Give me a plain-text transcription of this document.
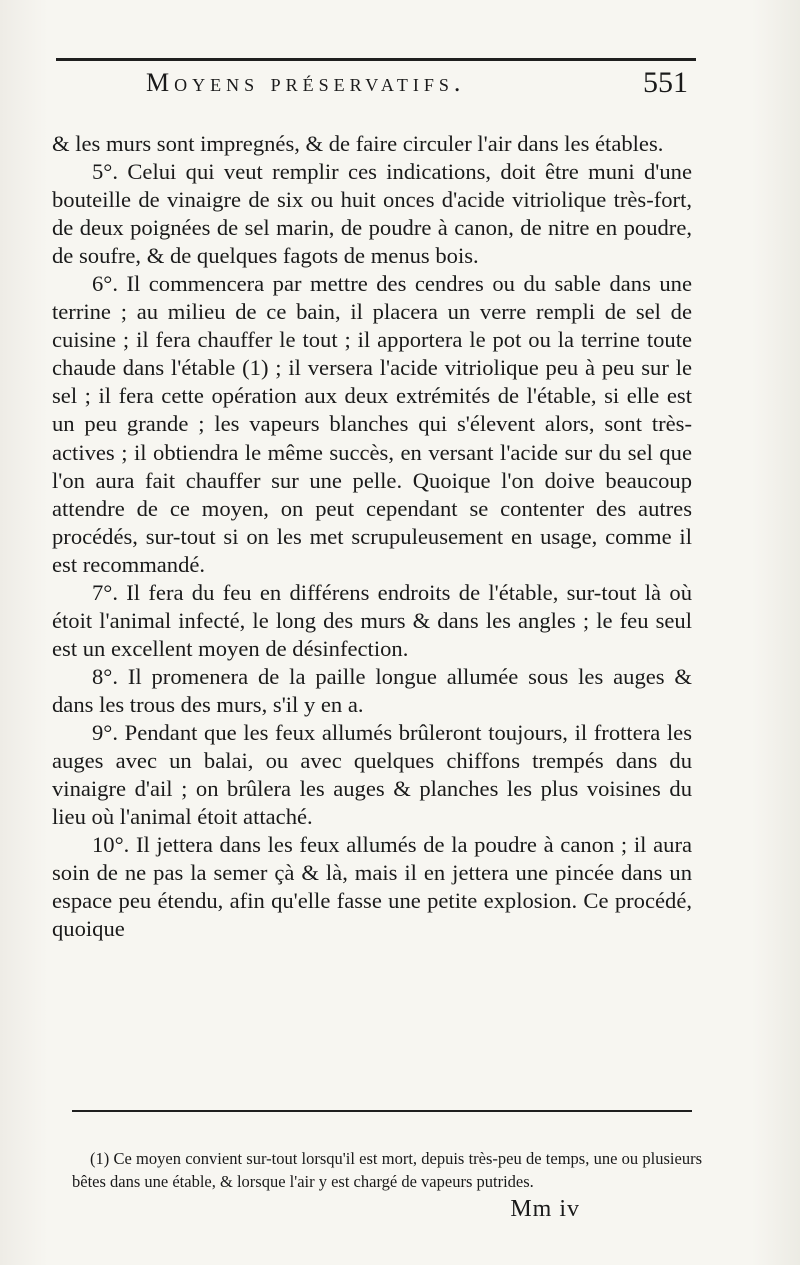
Moyens préservatifs.	551

& les murs sont impregnés, & de faire circuler l'air dans les étables.

5°. Celui qui veut remplir ces indications, doit être muni d'une bouteille de vinaigre de six ou huit onces d'acide vitriolique très-fort, de deux poignées de sel marin, de poudre à canon, de nitre en poudre, de soufre, & de quelques fagots de menus bois.

6°. Il commencera par mettre des cendres ou du sable dans une terrine ; au milieu de ce bain, il placera un verre rempli de sel de cuisine ; il fera chauffer le tout ; il apportera le pot ou la terrine toute chaude dans l'étable (1) ; il versera l'acide vitriolique peu à peu sur le sel ; il fera cette opération aux deux extrémités de l'étable, si elle est un peu grande ; les vapeurs blanches qui s'élevent alors, sont très-actives ; il obtiendra le même succès, en versant l'acide sur du sel que l'on aura fait chauffer sur une pelle. Quoique l'on doive beaucoup attendre de ce moyen, on peut cependant se contenter des autres procédés, sur-tout si on les met scrupuleusement en usage, comme il est recommandé.

7°. Il fera du feu en différens endroits de l'étable, sur-tout là où étoit l'animal infecté, le long des murs & dans les angles ; le feu seul est un excellent moyen de désinfection.

8°. Il promenera de la paille longue allumée sous les auges & dans les trous des murs, s'il y en a.

9°. Pendant que les feux allumés brûleront toujours, il frottera les auges avec un balai, ou avec quelques chiffons trempés dans du vinaigre d'ail ; on brûlera les auges & planches les plus voisines du lieu où l'animal étoit attaché.

10°. Il jettera dans les feux allumés de la poudre à canon ; il aura soin de ne pas la semer çà & là, mais il en jettera une pincée dans un espace peu étendu, afin qu'elle fasse une petite explosion. Ce procédé, quoique

(1) Ce moyen convient sur-tout lorsqu'il est mort, depuis très-peu de temps, une ou plusieurs bêtes dans une étable, & lorsque l'air y est chargé de vapeurs putrides.

Mm iv
